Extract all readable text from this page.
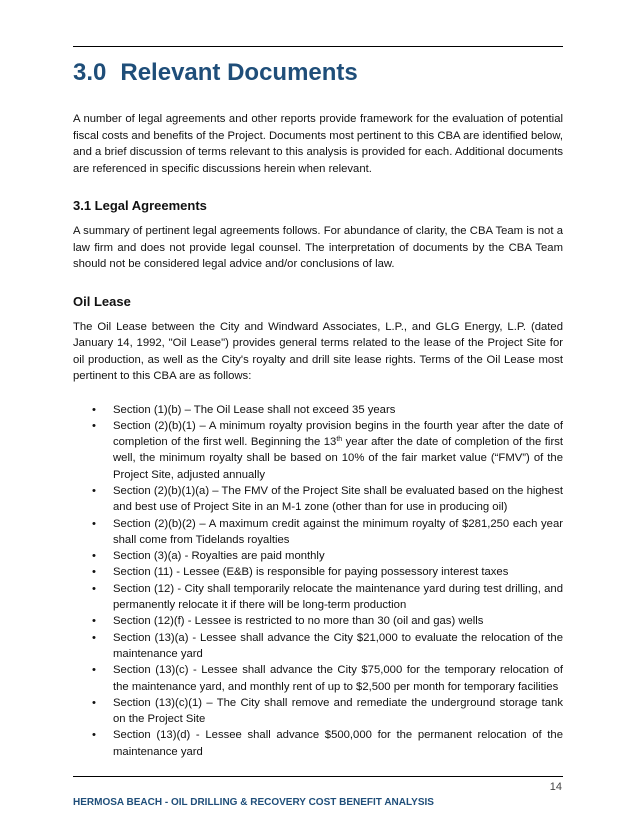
3.0 Relevant Documents

A number of legal agreements and other reports provide framework for the evaluation of potential fiscal costs and benefits of the Project. Documents most pertinent to this CBA are identified below, and a brief discussion of terms relevant to this analysis is provided for each. Additional documents are referenced in specific discussions herein when relevant.

3.1 Legal Agreements

A summary of pertinent legal agreements follows. For abundance of clarity, the CBA Team is not a law firm and does not provide legal counsel. The interpretation of documents by the CBA Team should not be considered legal advice and/or conclusions of law.

Oil Lease

The Oil Lease between the City and Windward Associates, L.P., and GLG Energy, L.P. (dated January 14, 1992, "Oil Lease") provides general terms related to the lease of the Project Site for oil production, as well as the City's royalty and drill site lease rights. Terms of the Oil Lease most pertinent to this CBA are as follows:

• Section (1)(b) – The Oil Lease shall not exceed 35 years
• Section (2)(b)(1) – A minimum royalty provision begins in the fourth year after the date of completion of the first well. Beginning the 13th year after the date of completion of the first well, the minimum royalty shall be based on 10% of the fair market value (“FMV”) of the Project Site, adjusted annually
• Section (2)(b)(1)(a) – The FMV of the Project Site shall be evaluated based on the highest and best use of Project Site in an M-1 zone (other than for use in producing oil)
• Section (2)(b)(2) – A maximum credit against the minimum royalty of $281,250 each year shall come from Tidelands royalties
• Section (3)(a) - Royalties are paid monthly
• Section (11) - Lessee (E&B) is responsible for paying possessory interest taxes
• Section (12) - City shall temporarily relocate the maintenance yard during test drilling, and permanently relocate it if there will be long-term production
• Section (12)(f) - Lessee is restricted to no more than 30 (oil and gas) wells
• Section (13)(a) - Lessee shall advance the City $21,000 to evaluate the relocation of the maintenance yard
• Section (13)(c) - Lessee shall advance the City $75,000 for the temporary relocation of the maintenance yard, and monthly rent of up to $2,500 per month for temporary facilities
• Section (13)(c)(1) – The City shall remove and remediate the underground storage tank on the Project Site
• Section (13)(d) - Lessee shall advance $500,000 for the permanent relocation of the maintenance yard
14
HERMOSA BEACH - OIL DRILLING & RECOVERY COST BENEFIT ANALYSIS
